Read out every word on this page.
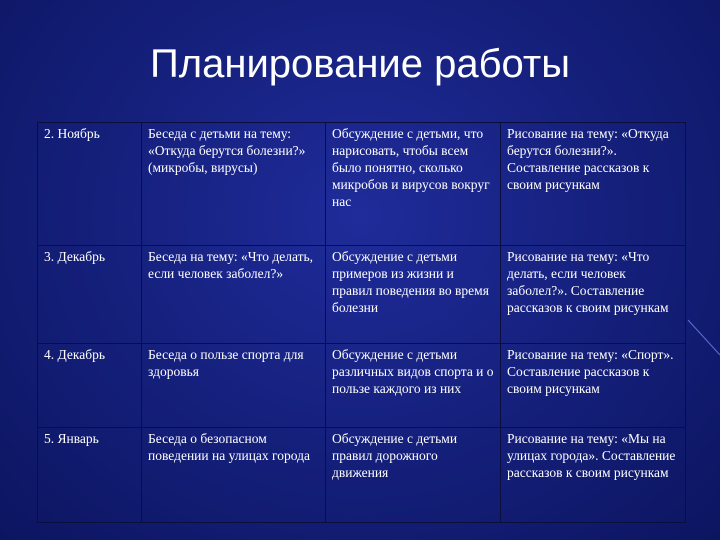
Планирование работы
2. Ноябрь	Беседа с детьми на тему: «Откуда берутся болезни?» (микробы, вирусы)	Обсуждение с детьми, что нарисовать, чтобы всем было понятно, сколько микробов и вирусов вокруг нас	Рисование на тему: «Откуда берутся болезни?». Составление рассказов к своим рисункам
3. Декабрь	Беседа на тему: «Что делать, если человек заболел?»	Обсуждение с детьми примеров из жизни и правил поведения во время болезни	Рисование на тему: «Что делать, если человек заболел?». Составление рассказов к своим рисункам
4. Декабрь	Беседа о пользе спорта для здоровья	Обсуждение с детьми различных видов спорта и о пользе каждого из них	Рисование на тему: «Спорт». Составление рассказов к своим рисункам
5. Январь	Беседа о безопасном поведении на улицах города	Обсуждение с детьми правил дорожного движения	Рисование на тему: «Мы на улицах города». Составление рассказов к своим рисункам
